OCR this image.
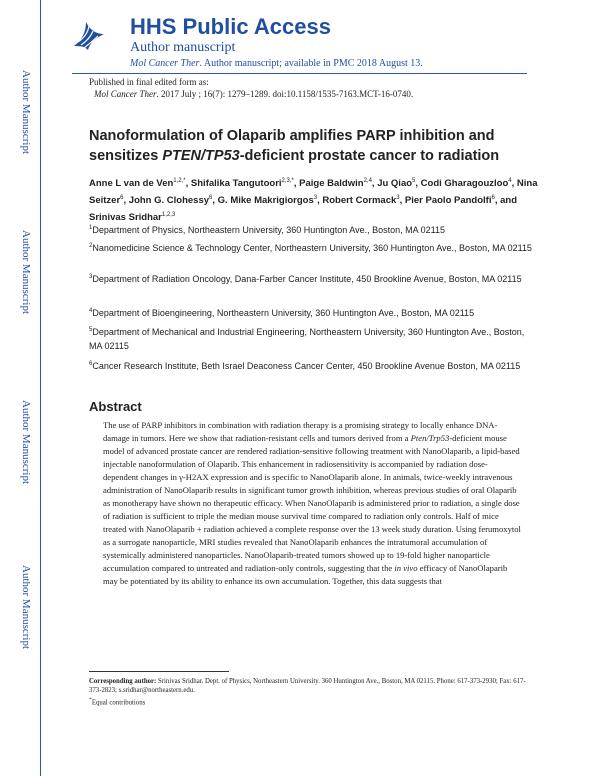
Author Manuscript
Author Manuscript
Author Manuscript
Author Manuscript
HHS Public Access
Author manuscript
Mol Cancer Ther. Author manuscript; available in PMC 2018 August 13.
Published in final edited form as:
Mol Cancer Ther. 2017 July ; 16(7): 1279–1289. doi:10.1158/1535-7163.MCT-16-0740.
Nanoformulation of Olaparib amplifies PARP inhibition and sensitizes PTEN/TP53-deficient prostate cancer to radiation
Anne L van de Ven$^{1,2,*}$, Shifalika Tangutoori$^{2,3,*}$, Paige Baldwin$^{2,4}$, Ju Qiao$^5$, Codi Gharagouzloo$^4$, Nina Seitzer$^6$, John G. Clohessy$^6$, G. Mike Makrigiorgos$^3$, Robert Cormack$^3$, Pier Paolo Pandolfi$^6$, and Srinivas Sridhar$^{1,2,3}$
$^1$Department of Physics, Northeastern University, 360 Huntington Ave., Boston, MA 02115
$^2$Nanomedicine Science & Technology Center, Northeastern University, 360 Huntington Ave., Boston, MA 02115
$^3$Department of Radiation Oncology, Dana-Farber Cancer Institute, 450 Brookline Avenue, Boston, MA 02115
$^4$Department of Bioengineering, Northeastern University, 360 Huntington Ave., Boston, MA 02115
$^5$Department of Mechanical and Industrial Engineering, Northeastern University, 360 Huntington Ave., Boston, MA 02115
$^6$Cancer Research Institute, Beth Israel Deaconess Cancer Center, 450 Brookline Avenue Boston, MA 02115
Abstract
The use of PARP inhibitors in combination with radiation therapy is a promising strategy to locally enhance DNA-damage in tumors. Here we show that radiation-resistant cells and tumors derived from a Pten/Trp53-deficient mouse model of advanced prostate cancer are rendered radiation-sensitive following treatment with NanoOlaparib, a lipid-based injectable nanoformulation of Olaparib. This enhancement in radiosensitivity is accompanied by radiation dose-dependent changes in γ-H2AX expression and is specific to NanoOlaparib alone. In animals, twice-weekly intravenous administration of NanoOlaparib results in significant tumor growth inhibition, whereas previous studies of oral Olaparib as monotherapy have shown no therapeutic efficacy. When NanoOlaparib is administered prior to radiation, a single dose of radiation is sufficient to triple the median mouse survival time compared to radiation only controls. Half of mice treated with NanoOlaparib + radiation achieved a complete response over the 13 week study duration. Using ferumoxytol as a surrogate nanoparticle, MRI studies revealed that NanoOlaparib enhances the intratumoral accumulation of systemically administered nanoparticles. NanoOlaparib-treated tumors showed up to 19-fold higher nanoparticle accumulation compared to untreated and radiation-only controls, suggesting that the in vivo efficacy of NanoOlaparib may be potentiated by its ability to enhance its own accumulation. Together, this data suggests that
Corresponding author: Srinivas Sridhar. Dept. of Physics, Northeastern University. 360 Huntington Ave., Boston, MA 02115. Phone: 617-373-2930; Fax: 617-373-2823; s.sridhar@northeastern.edu.
*Equal contributions
